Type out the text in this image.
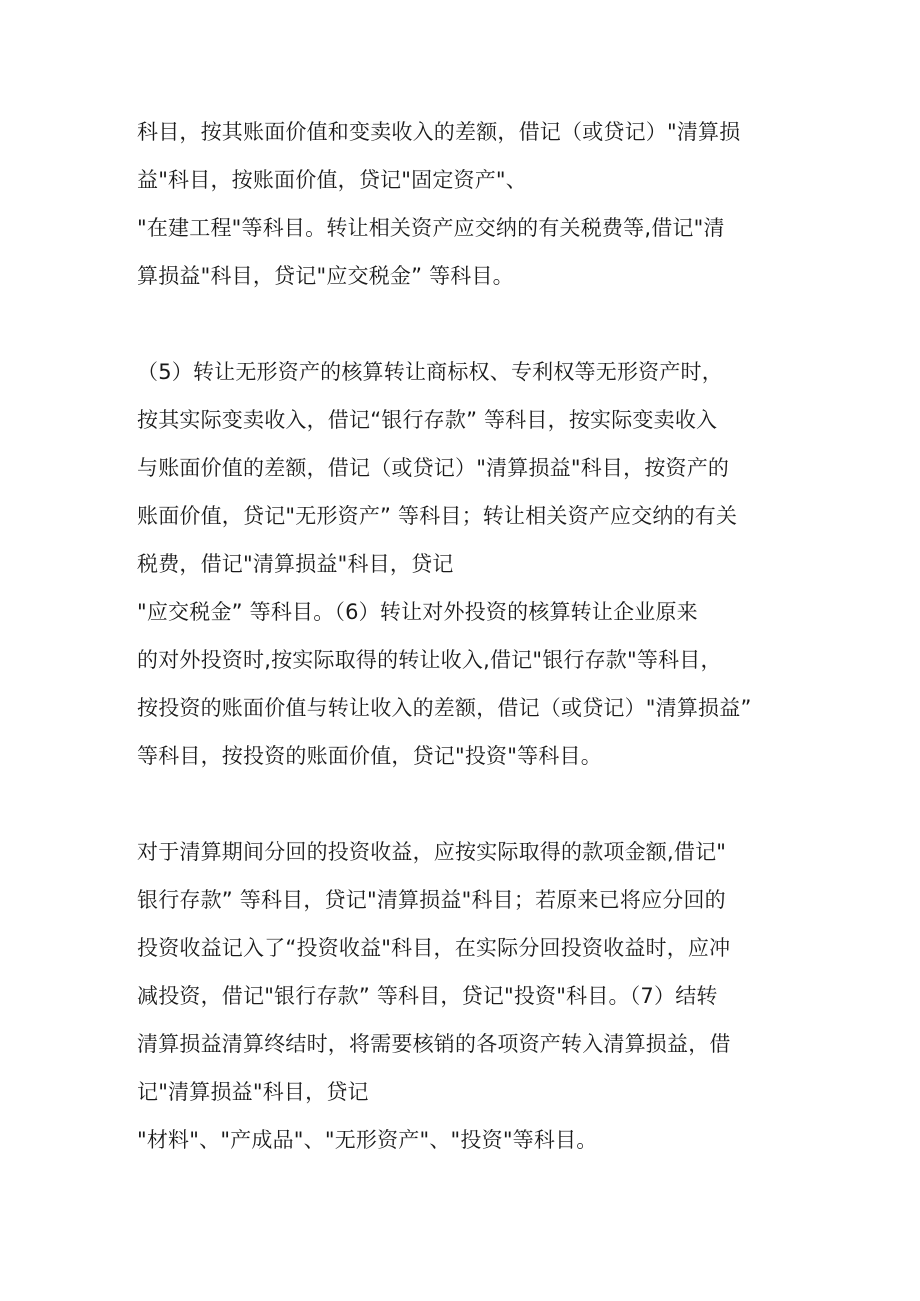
科目，按其账面价值和变卖收入的差额，借记（或贷记）"清算损
益"科目，按账面价值，贷记"固定资产"、
"在建工程"等科目。转让相关资产应交纳的有关税费等,借记"清
算损益"科目，贷记"应交税金” 等科目。
（5）转让无形资产的核算转让商标权、专利权等无形资产时，
按其实际变卖收入，借记“银行存款” 等科目，按实际变卖收入
与账面价值的差额，借记（或贷记）"清算损益"科目，按资产的
账面价值，贷记"无形资产” 等科目；转让相关资产应交纳的有关
税费，借记"清算损益"科目，贷记
"应交税金” 等科目。（6）转让对外投资的核算转让企业原来
的对外投资时,按实际取得的转让收入,借记"银行存款"等科目，
按投资的账面价值与转让收入的差额，借记（或贷记）"清算损益”
等科目，按投资的账面价值，贷记"投资"等科目。
对于清算期间分回的投资收益，应按实际取得的款项金额,借记"
银行存款” 等科目，贷记"清算损益"科目；若原来已将应分回的
投资收益记入了“投资收益"科目，在实际分回投资收益时，应冲
减投资，借记"银行存款” 等科目，贷记"投资"科目。（7）结转
清算损益清算终结时，将需要核销的各项资产转入清算损益，借
记"清算损益"科目，贷记
"材料"、"产成品"、"无形资产"、"投资"等科目。
